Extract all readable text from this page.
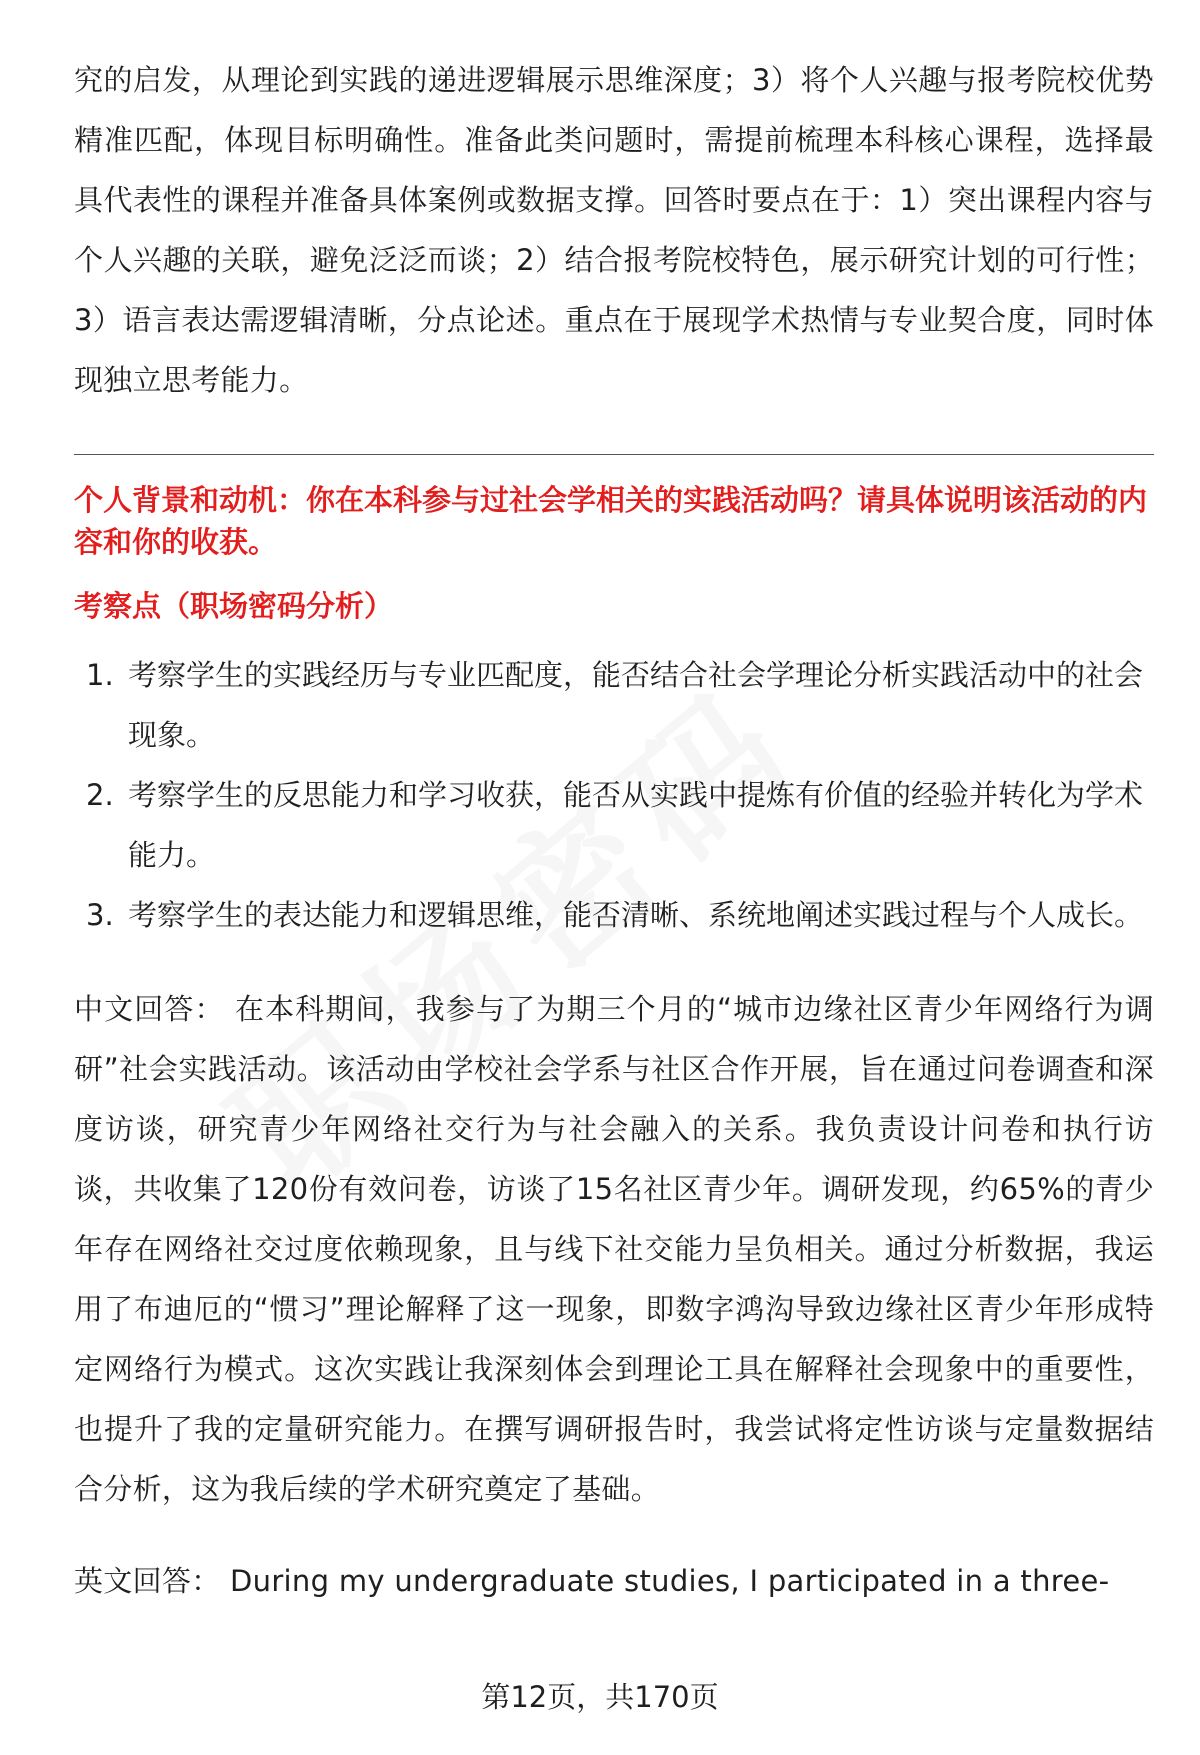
究的启发，从理论到实践的递进逻辑展示思维深度；3）将个人兴趣与报考院校优势精准匹配，体现目标明确性。准备此类问题时，需提前梳理本科核心课程，选择最具代表性的课程并准备具体案例或数据支撑。回答时要点在于：1）突出课程内容与个人兴趣的关联，避免泛泛而谈；2）结合报考院校特色，展示研究计划的可行性；3）语言表达需逻辑清晰，分点论述。重点在于展现学术热情与专业契合度，同时体现独立思考能力。

个人背景和动机：你在本科参与过社会学相关的实践活动吗？请具体说明该活动的内容和你的收获。

考察点（职场密码分析）

1. 考察学生的实践经历与专业匹配度，能否结合社会学理论分析实践活动中的社会现象。
2. 考察学生的反思能力和学习收获，能否从实践中提炼有价值的经验并转化为学术能力。
3. 考察学生的表达能力和逻辑思维，能否清晰、系统地阐述实践过程与个人成长。

中文回答： 在本科期间，我参与了为期三个月的“城市边缘社区青少年网络行为调研”社会实践活动。该活动由学校社会学系与社区合作开展，旨在通过问卷调查和深度访谈，研究青少年网络社交行为与社会融入的关系。我负责设计问卷和执行访谈，共收集了120份有效问卷，访谈了15名社区青少年。调研发现，约65%的青少年存在网络社交过度依赖现象，且与线下社交能力呈负相关。通过分析数据，我运用了布迪厄的“惯习”理论解释了这一现象，即数字鸿沟导致边缘社区青少年形成特定网络行为模式。这次实践让我深刻体会到理论工具在解释社会现象中的重要性，也提升了我的定量研究能力。在撰写调研报告时，我尝试将定性访谈与定量数据结合分析，这为我后续的学术研究奠定了基础。

英文回答： During my undergraduate studies, I participated in a three-

第12页，共170页
